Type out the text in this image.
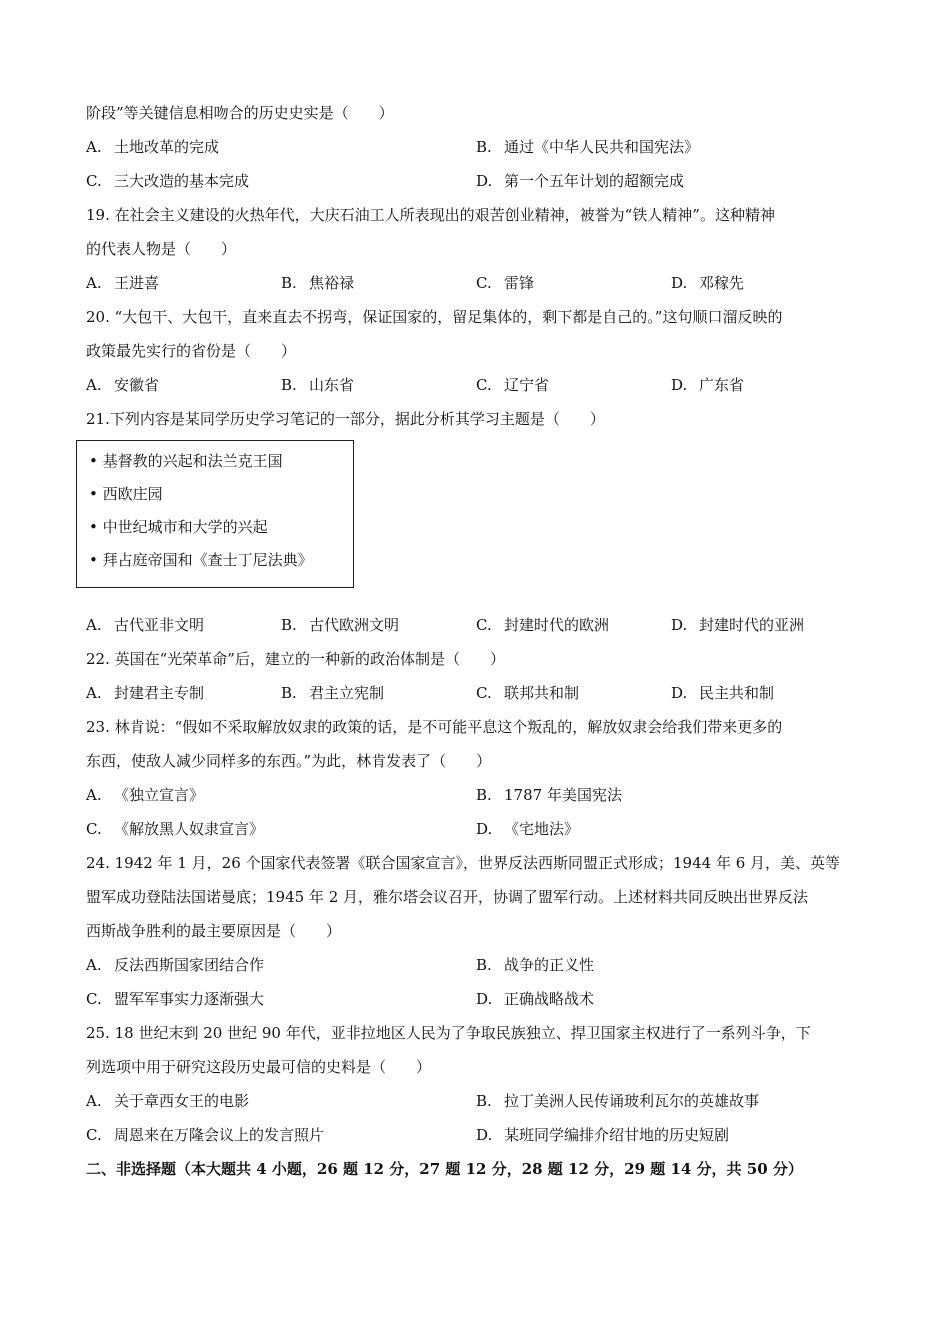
阶段”等关键信息相吻合的历史史实是（　　）
A. 土地改革的完成	B. 通过《中华人民共和国宪法》
C. 三大改造的基本完成	D. 第一个五年计划的超额完成
19. 在社会主义建设的火热年代，大庆石油工人所表现出的艰苦创业精神，被誉为“铁人精神”。这种精神
的代表人物是（　　）
A. 王进喜	B. 焦裕禄	C. 雷锋	D. 邓稼先
20. “大包干、大包干，直来直去不拐弯，保证国家的，留足集体的，剩下都是自己的。”这句顺口溜反映的
政策最先实行的省份是（　　）
A. 安徽省	B. 山东省	C. 辽宁省	D. 广东省
21.下列内容是某同学历史学习笔记的一部分，据此分析其学习主题是（　　）
• 基督教的兴起和法兰克王国
• 西欧庄园
• 中世纪城市和大学的兴起
• 拜占庭帝国和《查士丁尼法典》
A. 古代亚非文明	B. 古代欧洲文明	C. 封建时代的欧洲	D. 封建时代的亚洲
22. 英国在“光荣革命”后，建立的一种新的政治体制是（　　）
A. 封建君主专制	B. 君主立宪制	C. 联邦共和制	D. 民主共和制
23. 林肯说：“假如不采取解放奴隶的政策的话，是不可能平息这个叛乱的，解放奴隶会给我们带来更多的
东西，使敌人减少同样多的东西。”为此，林肯发表了（　　）
A. 《独立宣言》	B. 1787 年美国宪法
C. 《解放黑人奴隶宣言》	D. 《宅地法》
24. 1942 年 1 月，26 个国家代表签署《联合国家宣言》，世界反法西斯同盟正式形成；1944 年 6 月，美、英等
盟军成功登陆法国诺曼底；1945 年 2 月，雅尔塔会议召开，协调了盟军行动。上述材料共同反映出世界反法
西斯战争胜利的最主要原因是（　　）
A. 反法西斯国家团结合作	B. 战争的正义性
C. 盟军军事实力逐渐强大	D. 正确战略战术
25. 18 世纪末到 20 世纪 90 年代，亚非拉地区人民为了争取民族独立、捍卫国家主权进行了一系列斗争，下
列选项中用于研究这段历史最可信的史料是（　　）
A. 关于章西女王的电影	B. 拉丁美洲人民传诵玻利瓦尔的英雄故事
C. 周恩来在万隆会议上的发言照片	D. 某班同学编排介绍甘地的历史短剧
二、非选择题（本大题共 4 小题，26 题 12 分，27 题 12 分，28 题 12 分，29 题 14 分，共 50 分）
